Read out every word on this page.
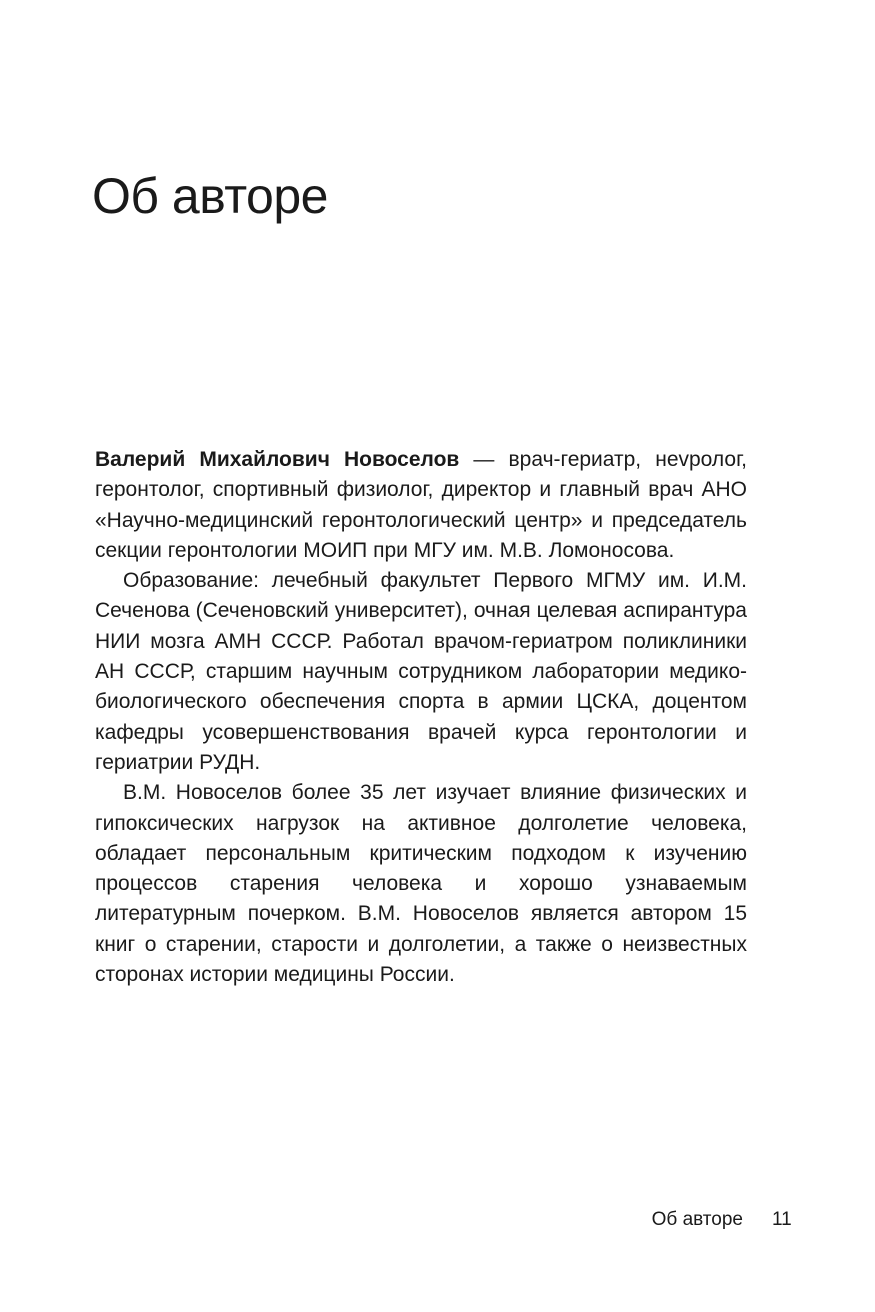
Об авторе

Валерий Михайлович Новоселов — врач-гериатр, неvролог, геронтолог, спортивный физиолог, директор и главный врач АНО «Научно-медицинский геронтологический центр» и председатель секции геронтологии МОИП при МГУ им. М.В. Ломоносова.

Образование: лечебный факультет Первого МГМУ им. И.М. Сеченова (Сеченовский университет), очная целевая аспирантура НИИ мозга АМН СССР. Работал врачом-гериатром поликлиники АН СССР, старшим научным сотрудником лаборатории медико-биологического обеспечения спорта в армии ЦСКА, доцентом кафедры усовершенствования врачей курса геронтологии и гериатрии РУДН.

В.М. Новоселов более 35 лет изучает влияние физических и гипоксических нагрузок на активное долголетие человека, обладает персональным критическим подходом к изучению процессов старения человека и хорошо узнаваемым литературным почерком. В.М. Новоселов является автором 15 книг о старении, старости и долголетии, а также о неизвестных сторонах истории медицины России.

Об авторе 11
